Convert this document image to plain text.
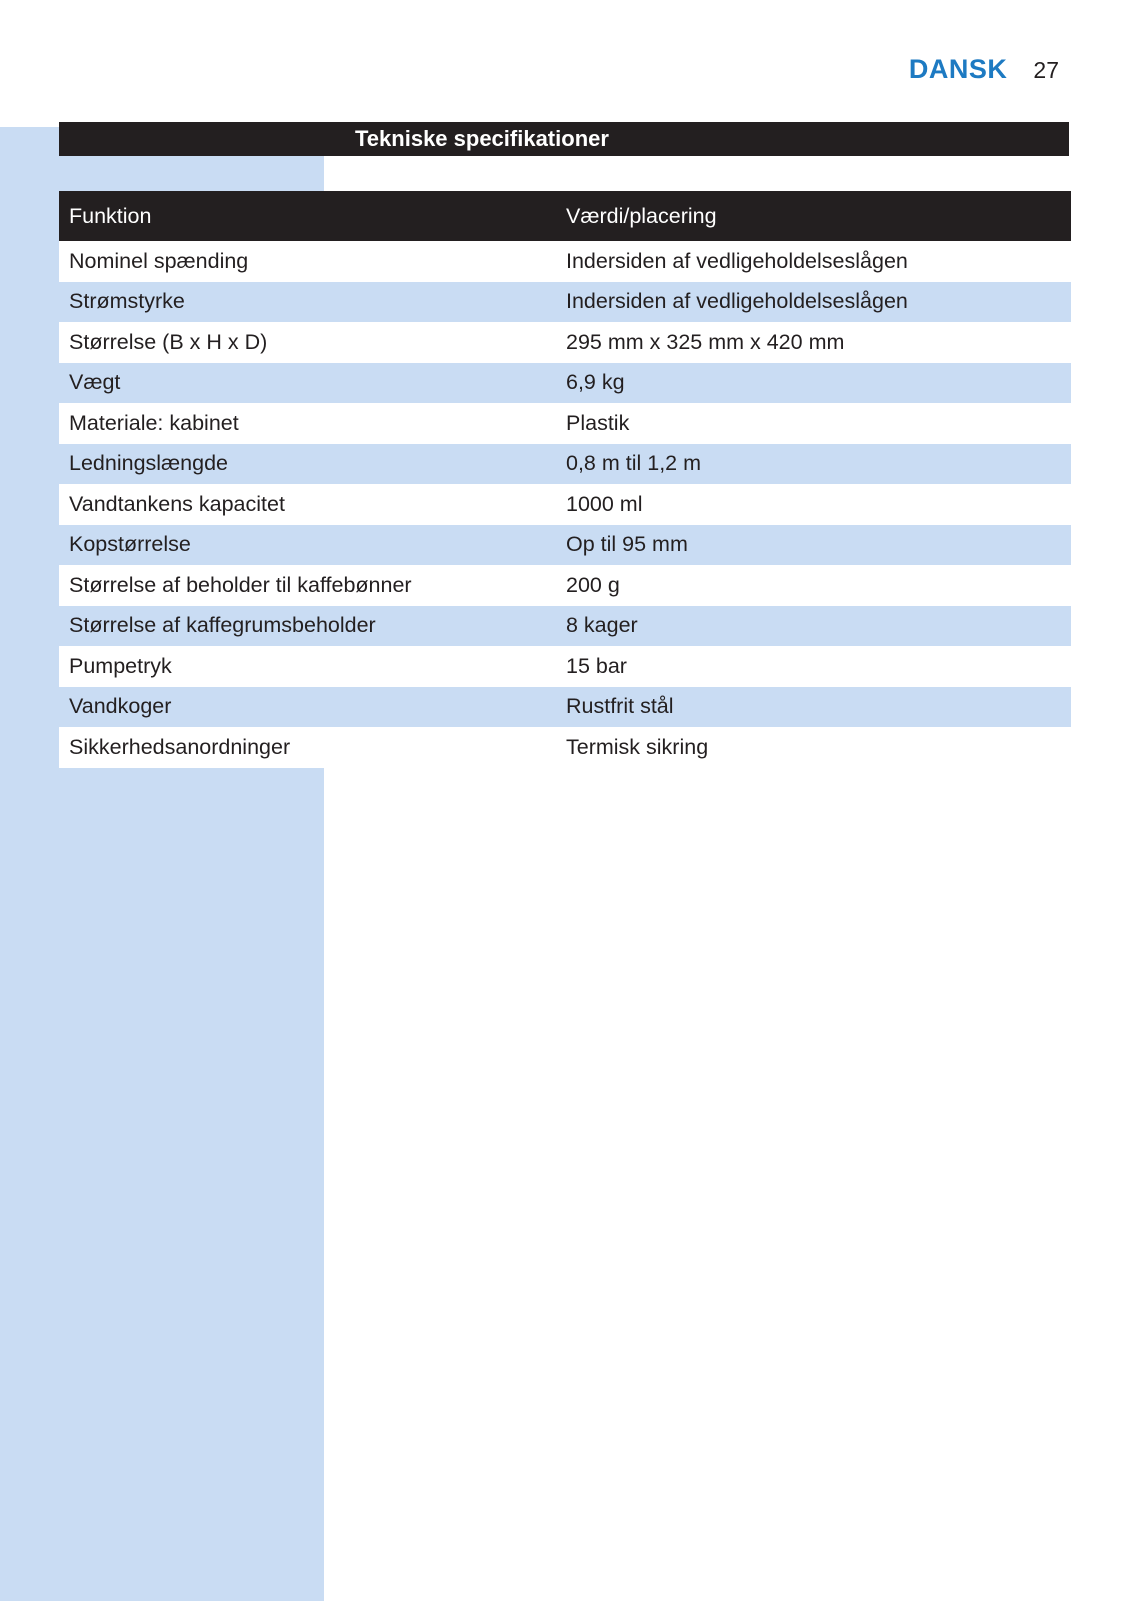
DANSK 27
Tekniske specifikationer
Funktion	Værdi/placering
Nominel spænding	Indersiden af vedligeholdelseslågen
Strømstyrke	Indersiden af vedligeholdelseslågen
Størrelse (B x H x D)	295 mm x 325 mm x 420 mm
Vægt	6,9 kg
Materiale: kabinet	Plastik
Ledningslængde	0,8 m til 1,2 m
Vandtankens kapacitet	1000 ml
Kopstørrelse	Op til 95 mm
Størrelse af beholder til kaffebønner	200 g
Størrelse af kaffegrumsbeholder	8 kager
Pumpetryk	15 bar
Vandkoger	Rustfrit stål
Sikkerhedsanordninger	Termisk sikring
